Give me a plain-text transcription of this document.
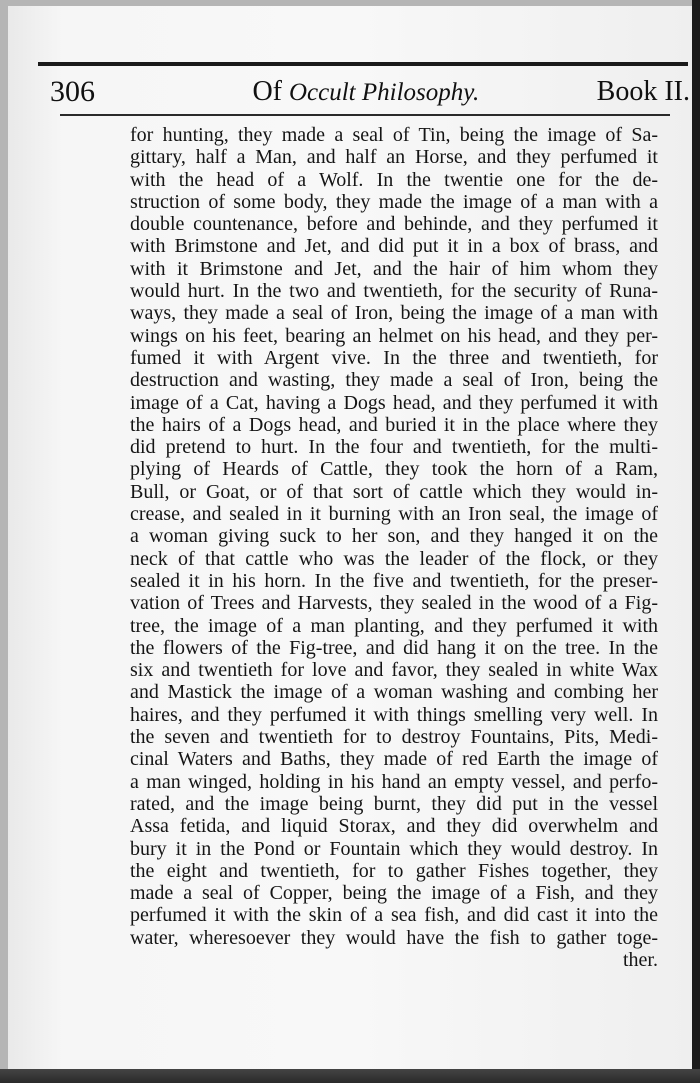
306	Of Occult Philosophy.	Book II.
for hunting, they made a seal of Tin, being the image of Sa-
gittary, half a Man, and half an Horse, and they perfumed it
with the head of a Wolf. In the twentie one for the de-
struction of some body, they made the image of a man with a
double countenance, before and behinde, and they perfumed it
with Brimstone and Jet, and did put it in a box of brass, and
with it Brimstone and Jet, and the hair of him whom they
would hurt. In the two and twentieth, for the security of Runa-
ways, they made a seal of Iron, being the image of a man with
wings on his feet, bearing an helmet on his head, and they per-
fumed it with Argent vive. In the three and twentieth, for
destruction and wasting, they made a seal of Iron, being the
image of a Cat, having a Dogs head, and they perfumed it with
the hairs of a Dogs head, and buried it in the place where they
did pretend to hurt. In the four and twentieth, for the multi-
plying of Heards of Cattle, they took the horn of a Ram,
Bull, or Goat, or of that sort of cattle which they would in-
crease, and sealed in it burning with an Iron seal, the image of
a woman giving suck to her son, and they hanged it on the
neck of that cattle who was the leader of the flock, or they
sealed it in his horn. In the five and twentieth, for the preser-
vation of Trees and Harvests, they sealed in the wood of a Fig-
tree, the image of a man planting, and they perfumed it with
the flowers of the Fig-tree, and did hang it on the tree. In the
six and twentieth for love and favor, they sealed in white Wax
and Mastick the image of a woman washing and combing her
haires, and they perfumed it with things smelling very well. In
the seven and twentieth for to destroy Fountains, Pits, Medi-
cinal Waters and Baths, they made of red Earth the image of
a man winged, holding in his hand an empty vessel, and perfo-
rated, and the image being burnt, they did put in the vessel
Assa fetida, and liquid Storax, and they did overwhelm and
bury it in the Pond or Fountain which they would destroy. In
the eight and twentieth, for to gather Fishes together, they
made a seal of Copper, being the image of a Fish, and they
perfumed it with the skin of a sea fish, and did cast it into the
water, wheresoever they would have the fish to gather toge-
ther.
